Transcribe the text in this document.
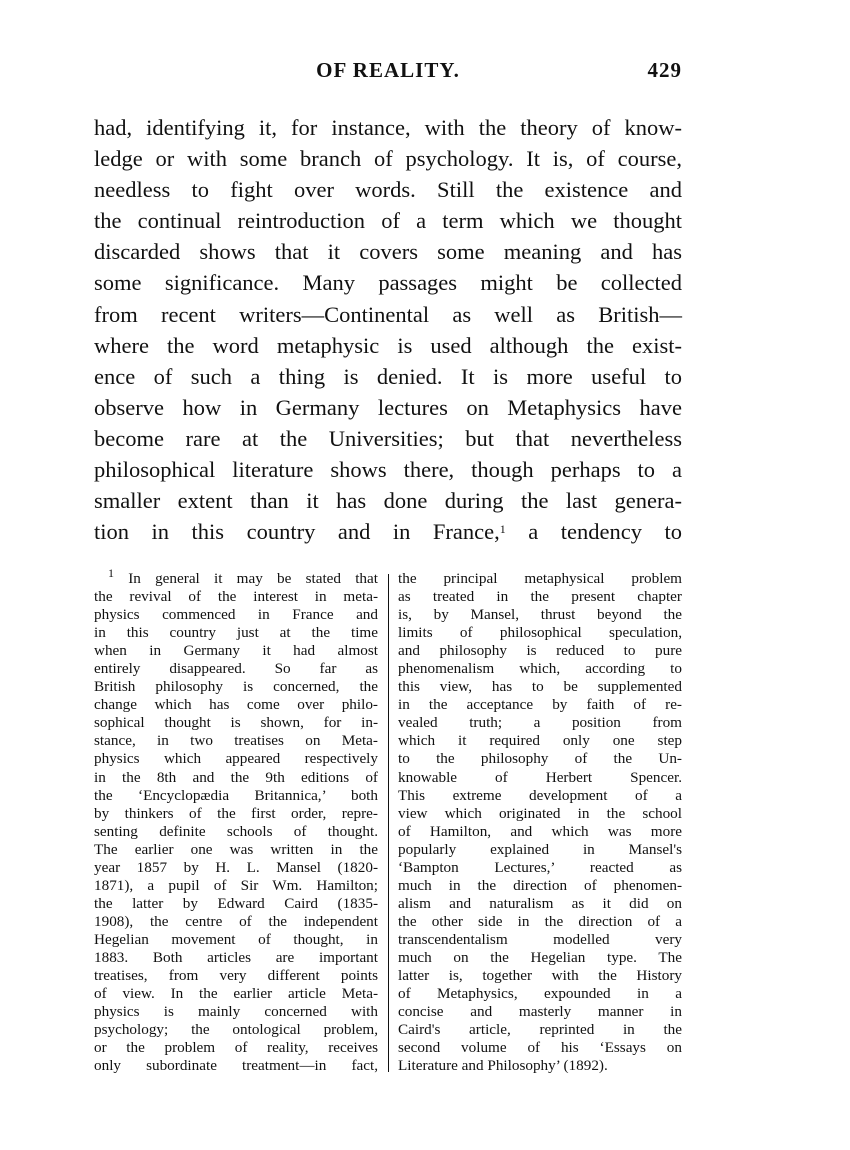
OF REALITY.	429
had, identifying it, for instance, with the theory of know-
ledge or with some branch of psychology. It is, of course,
needless to fight over words. Still the existence and
the continual reintroduction of a term which we thought
discarded shows that it covers some meaning and has
some significance. Many passages might be collected
from recent writers—Continental as well as British—
where the word metaphysic is used although the exist-
ence of such a thing is denied. It is more useful to
observe how in Germany lectures on Metaphysics have
become rare at the Universities; but that nevertheless
philosophical literature shows there, though perhaps to a
smaller extent than it has done during the last genera-
tion in this country and in France,$^1$ a tendency to
$^1$ In general it may be stated that
the revival of the interest in meta-
physics commenced in France and
in this country just at the time
when in Germany it had almost
entirely disappeared. So far as
British philosophy is concerned, the
change which has come over philo-
sophical thought is shown, for in-
stance, in two treatises on Meta-
physics which appeared respectively
in the 8th and the 9th editions of
the ‘Encyclopædia Britannica,’ both
by thinkers of the first order, repre-
senting definite schools of thought.
The earlier one was written in the
year 1857 by H. L. Mansel (1820-
1871), a pupil of Sir Wm. Hamilton;
the latter by Edward Caird (1835-
1908), the centre of the independent
Hegelian movement of thought, in
1883. Both articles are important
treatises, from very different points
of view. In the earlier article Meta-
physics is mainly concerned with
psychology; the ontological problem,
or the problem of reality, receives
only subordinate treatment—in fact,
the principal metaphysical problem
as treated in the present chapter
is, by Mansel, thrust beyond the
limits of philosophical speculation,
and philosophy is reduced to pure
phenomenalism which, according to
this view, has to be supplemented
in the acceptance by faith of re-
vealed truth; a position from
which it required only one step
to the philosophy of the Un-
knowable of Herbert Spencer.
This extreme development of a
view which originated in the school
of Hamilton, and which was more
popularly explained in Mansel's
‘Bampton Lectures,’ reacted as
much in the direction of phenomen-
alism and naturalism as it did on
the other side in the direction of a
transcendentalism modelled very
much on the Hegelian type. The
latter is, together with the History
of Metaphysics, expounded in a
concise and masterly manner in
Caird's article, reprinted in the
second volume of his ‘Essays on
Literature and Philosophy’ (1892).
